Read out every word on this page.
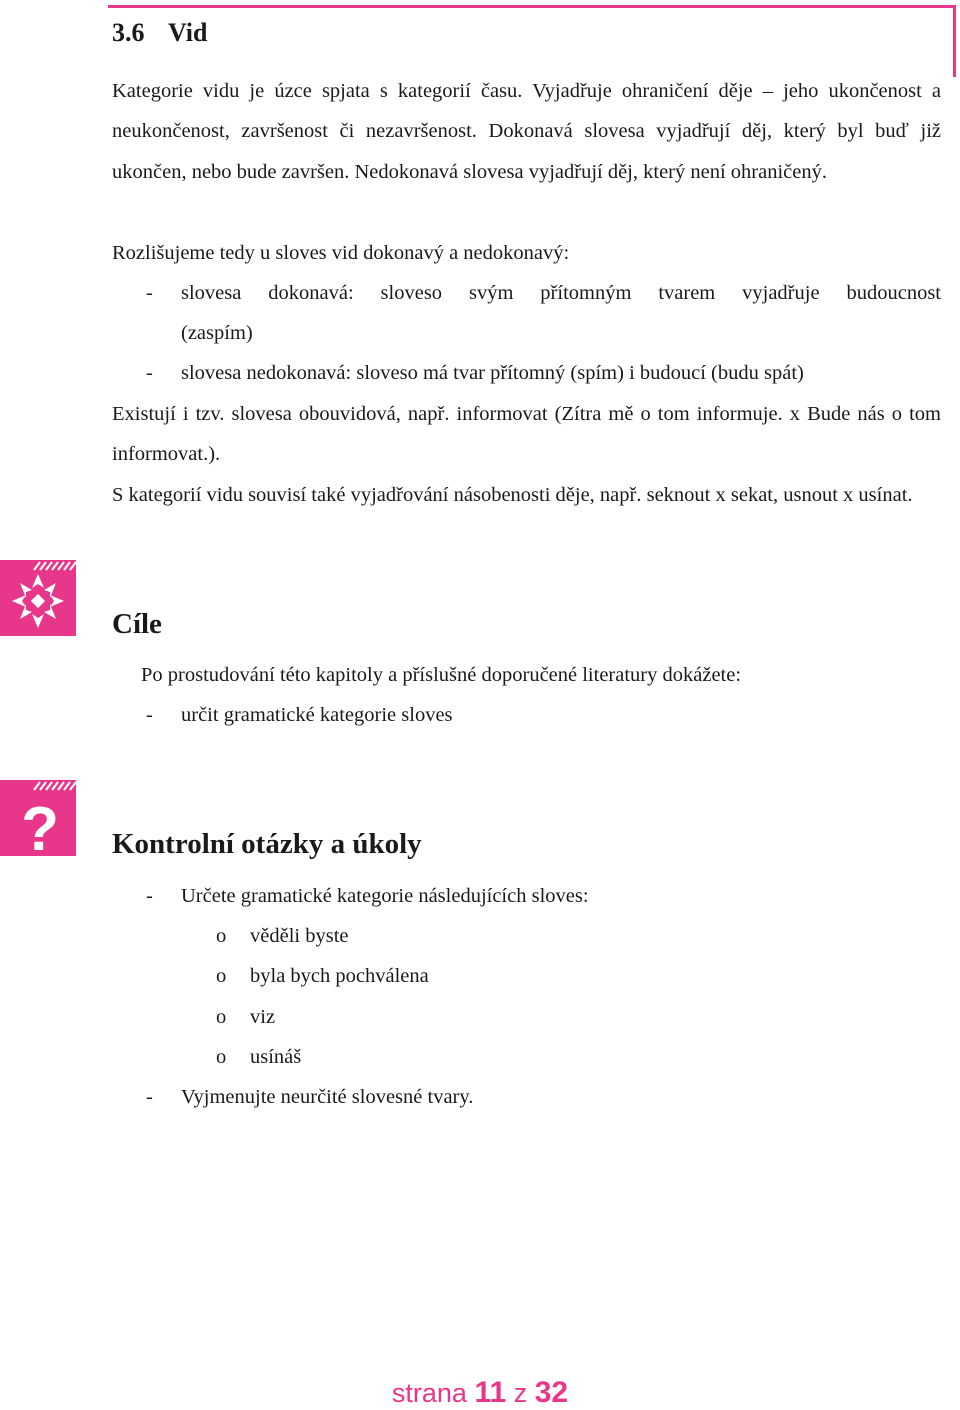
3.6 Vid

Kategorie vidu je úzce spjata s kategorií času. Vyjadřuje ohraničení děje – jeho ukončenost a neukončenost, završenost či nezavršenost. Dokonavá slovesa vyjadřují děj, který byl buď již ukončen, nebo bude završen. Nedokonavá slovesa vyjadřují děj, který není ohraničený.

Rozlišujeme tedy u sloves vid dokonavý a nedokonavý:
- slovesa dokonavá: sloveso svým přítomným tvarem vyjadřuje budoucnost
(zaspím)
- slovesa nedokonavá: sloveso má tvar přítomný (spím) i budoucí (budu spát)

Existují i tzv. slovesa obouvidová, např. informovat (Zítra mě o tom informuje. x Bude nás o tom informovat.).

S kategorií vidu souvisí také vyjadřování násobenosti děje, např. seknout x sekat, usnout x usínat.

Cíle
Po prostudování této kapitoly a příslušné doporučené literatury dokážete:
- určit gramatické kategorie sloves
? Kontrolní otázky a úkoly
- Určete gramatické kategorie následujících sloves:
o věděli byste
o byla bych pochválena
o viz
o usínáš
- Vyjmenujte neurčité slovesné tvary.
strana 11 z 32
